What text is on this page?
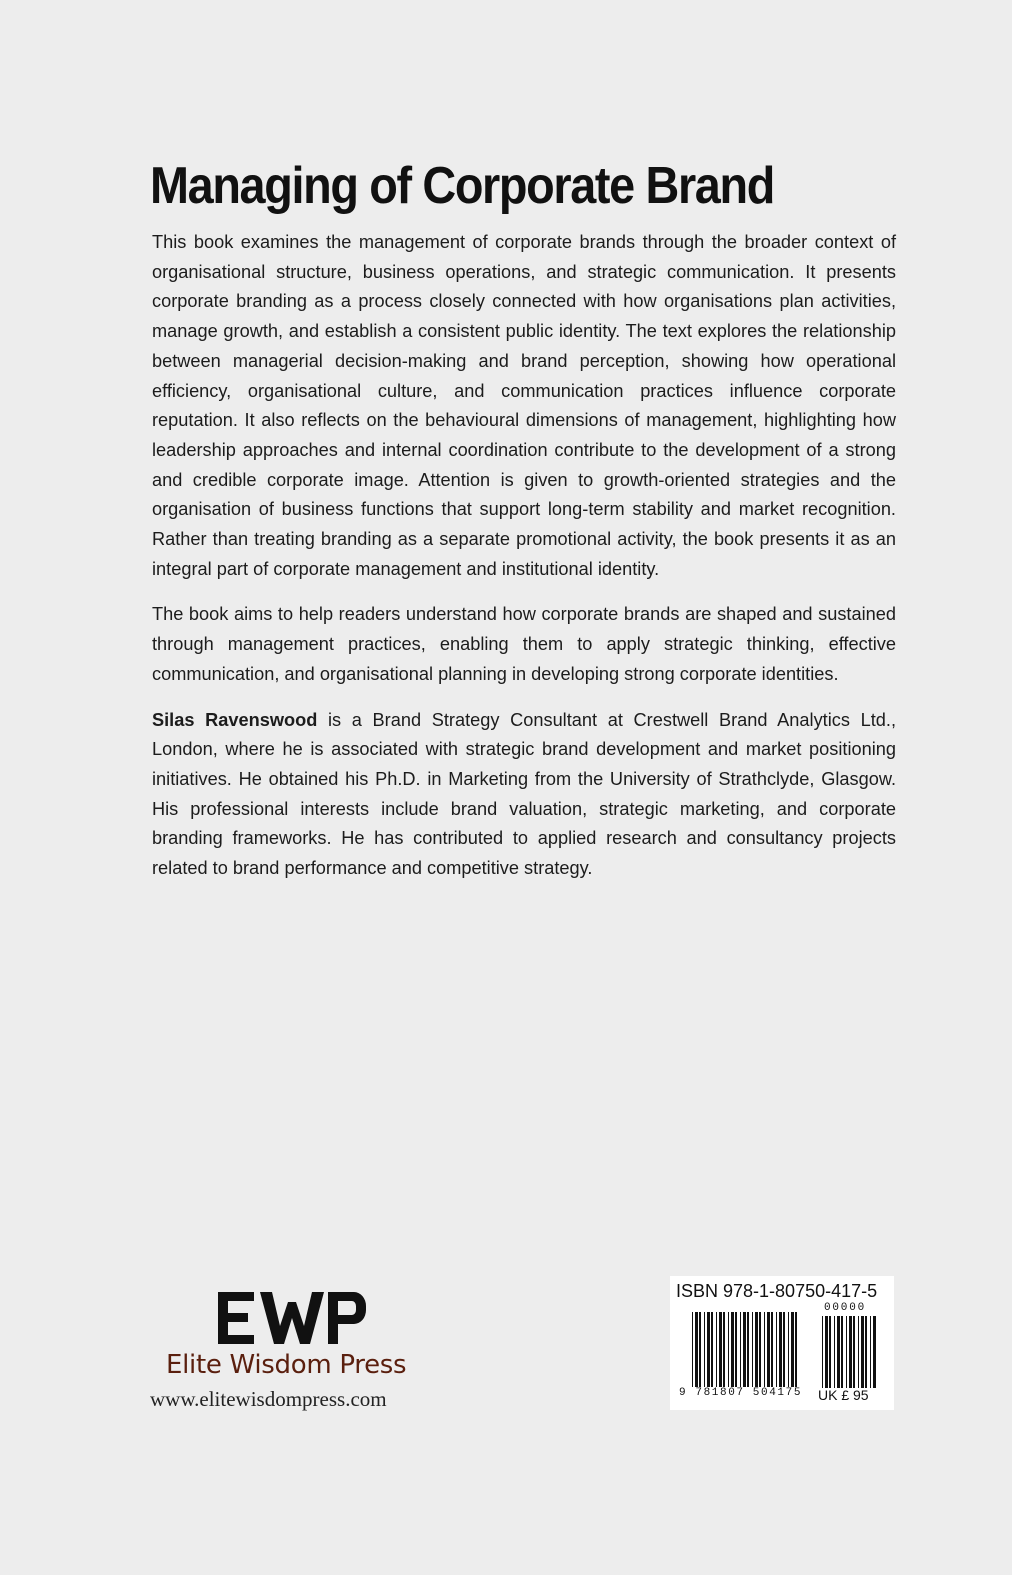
Managing of Corporate Brand

This book examines the management of corporate brands through the broader context of organisational structure, business operations, and strategic communication. It presents corporate branding as a process closely connected with how organisations plan activities, manage growth, and establish a consistent public identity. The text explores the relationship between managerial decision-making and brand perception, showing how operational efficiency, organisational culture, and communication practices influence corporate reputation. It also reflects on the behavioural dimensions of management, highlighting how leadership approaches and internal coordination contribute to the development of a strong and credible corporate image. Attention is given to growth-oriented strategies and the organisation of business functions that support long-term stability and market recognition. Rather than treating branding as a separate promotional activity, the book presents it as an integral part of corporate management and institutional identity.

The book aims to help readers understand how corporate brands are shaped and sustained through management practices, enabling them to apply strategic thinking, effective communication, and organisational planning in developing strong corporate identities.

Silas Ravenswood is a Brand Strategy Consultant at Crestwell Brand Analytics Ltd., London, where he is associated with strategic brand development and market positioning initiatives. He obtained his Ph.D. in Marketing from the University of Strathclyde, Glasgow. His professional interests include brand valuation, strategic marketing, and corporate branding frameworks. He has contributed to applied research and consultancy projects related to brand performance and competitive strategy.

Elite Wisdom Press
www.elitewisdompress.com
ISBN 978-1-80750-417-5
00000
9 781807 504175 UK £ 95
